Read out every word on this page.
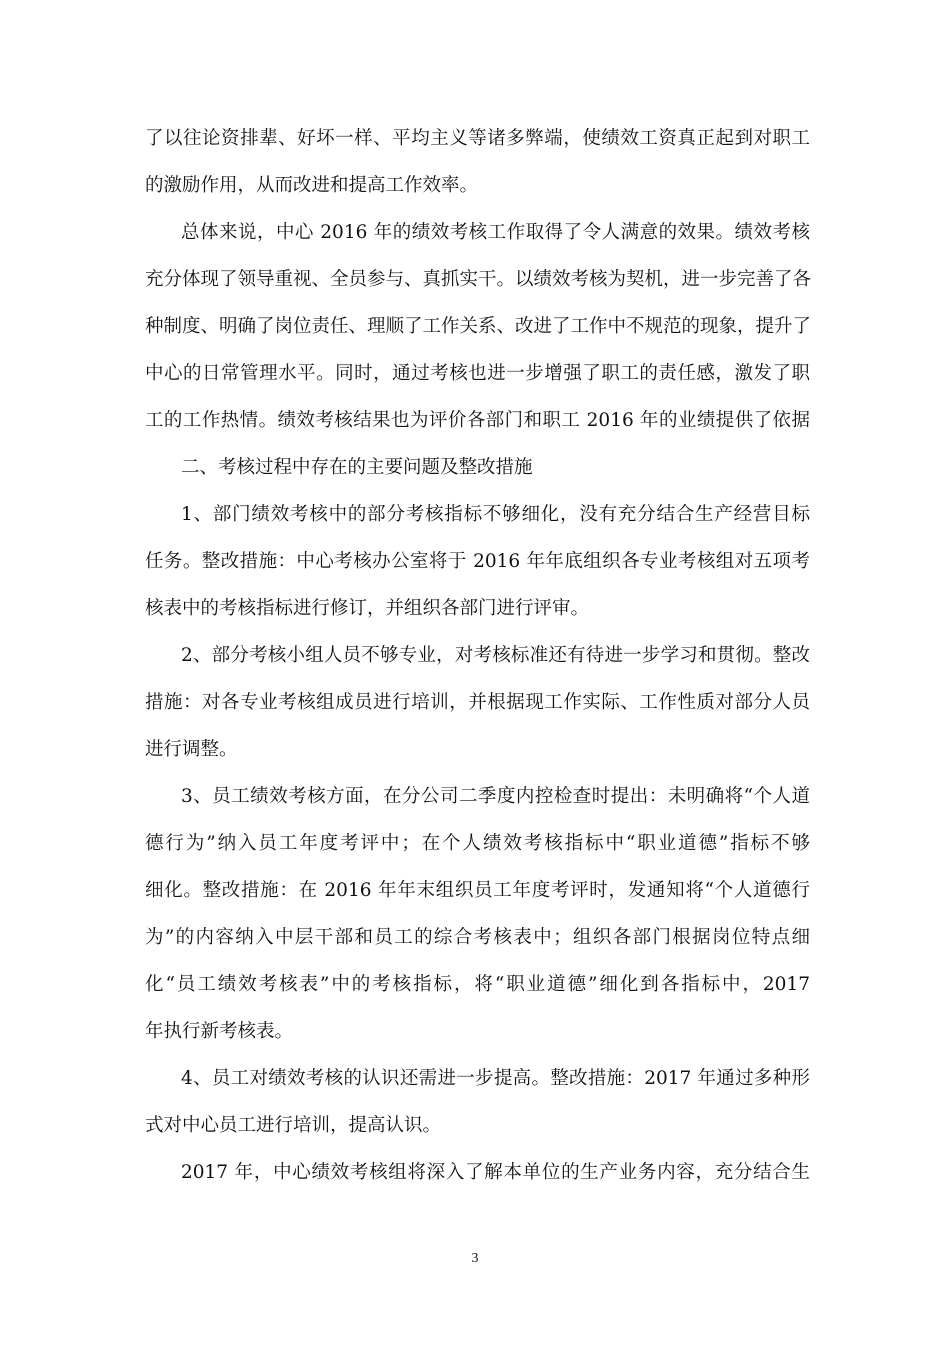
了以往论资排辈、好坏一样、平均主义等诸多弊端，使绩效工资真正起到对职工
的激励作用，从而改进和提高工作效率。
总体来说，中心 2016 年的绩效考核工作取得了令人满意的效果。绩效考核
充分体现了领导重视、全员参与、真抓实干。以绩效考核为契机，进一步完善了各
种制度、明确了岗位责任、理顺了工作关系、改进了工作中不规范的现象，提升了
中心的日常管理水平。同时，通过考核也进一步增强了职工的责任感，激发了职
工的工作热情。绩效考核结果也为评价各部门和职工 2016 年的业绩提供了依据
二、考核过程中存在的主要问题及整改措施
1、部门绩效考核中的部分考核指标不够细化，没有充分结合生产经营目标
任务。整改措施：中心考核办公室将于 2016 年年底组织各专业考核组对五项考
核表中的考核指标进行修订，并组织各部门进行评审。
2、部分考核小组人员不够专业，对考核标准还有待进一步学习和贯彻。整改
措施：对各专业考核组成员进行培训，并根据现工作实际、工作性质对部分人员
进行调整。
3、员工绩效考核方面，在分公司二季度内控检查时提出：未明确将“个人道
德行为”纳入员工年度考评中；在个人绩效考核指标中“职业道德”指标不够
细化。整改措施：在 2016 年年末组织员工年度考评时，发通知将“个人道德行
为”的内容纳入中层干部和员工的综合考核表中；组织各部门根据岗位特点细
化“员工绩效考核表”中的考核指标，将“职业道德”细化到各指标中，2017
年执行新考核表。
4、员工对绩效考核的认识还需进一步提高。整改措施：2017 年通过多种形
式对中心员工进行培训，提高认识。
2017 年，中心绩效考核组将深入了解本单位的生产业务内容，充分结合生
3
